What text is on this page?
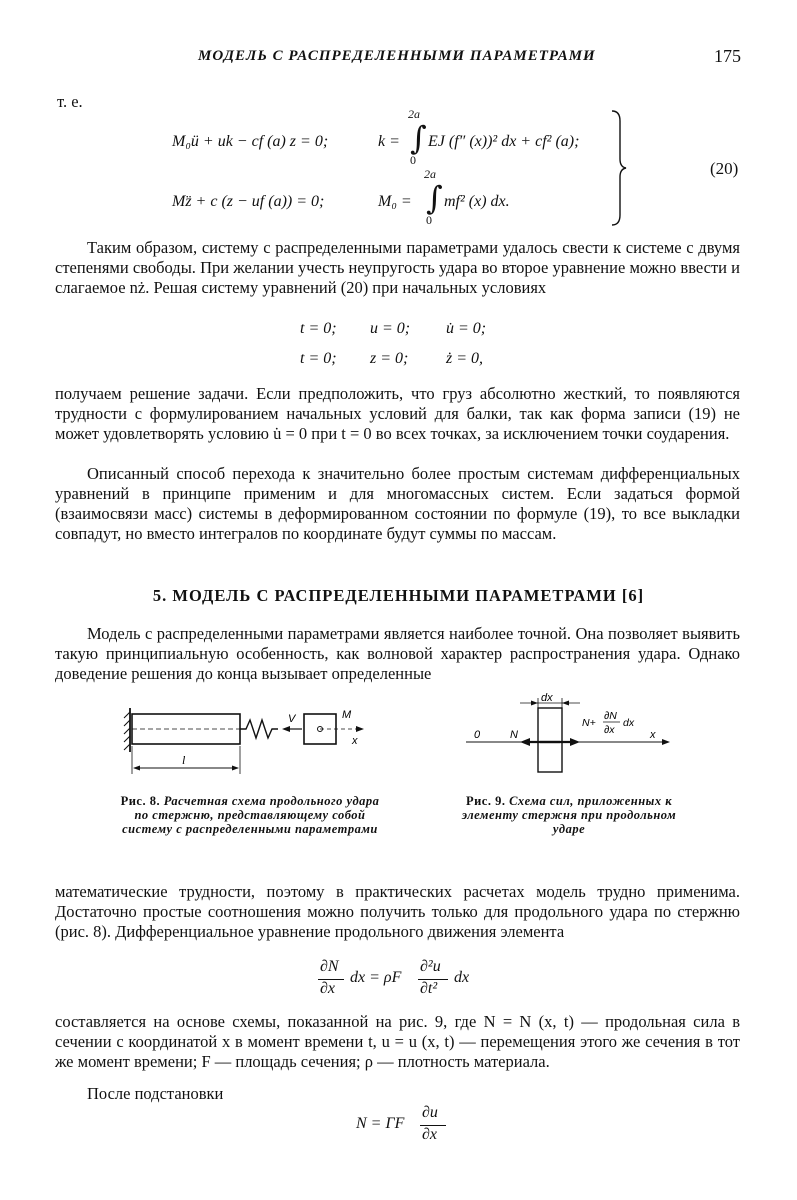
МОДЕЛЬ С РАСПРЕДЕЛЕННЫМИ ПАРАМЕТРАМИ	175
т. е.
M₀ü + uk − cf (a) z = 0;	k =
2a
∫
0
EJ (f″ (x))² dx + cf² (a);
Mz̈ + c (z − uf (a)) = 0;	M₀ =
2a
∫
0
mf² (x) dx.
(20)
Таким образом, систему с распределенными параметрами удалось свести к системе с двумя степенями свободы. При желании учесть неупругость удара во второе уравнение можно ввести и слагаемое nż. Решая систему уравнений (20) при начальных условиях
t = 0; u = 0; u̇ = 0;
t = 0; z = 0; ż = 0,
получаем решение задачи. Если предположить, что груз абсолютно жесткий, то появляются трудности с формулированием начальных условий для балки, так как форма записи (19) не может удовлетворять условию u̇ = 0 при t = 0 во всех точках, за исключением точки соударения.
Описанный способ перехода к значительно более простым системам дифференциальных уравнений в принципе применим и для многомассных систем. Если задаться формой (взаимосвязи масс) системы в деформированном состоянии по формуле (19), то все выкладки совпадут, но вместо интегралов по координате будут суммы по массам.
5. МОДЕЛЬ С РАСПРЕДЕЛЕННЫМИ ПАРАМЕТРАМИ [6]
Модель с распределенными параметрами является наиболее точной. Она позволяет выявить такую принципиальную особенность, как волновой характер распространения удара. Однако доведение решения до конца вызывает определенные
V	M
x
l
Рис. 8. Расчетная схема продольного удара по стержню, представляющему собой систему с распределенными параметрами
dx
0	x
N
N+
∂N
∂x
dx
Рис. 9. Схема сил, приложенных к элементу стержня при продольном ударе
математические трудности, поэтому в практических расчетах модель трудно применима. Достаточно простые соотношения можно получить только для продольного удара по стержню (рис. 8). Дифференциальное уравнение продольного движения элемента
∂N
∂x
dx = ρF
∂²u
∂t²
dx
составляется на основе схемы, показанной на рис. 9, где N = N (x, t) — продольная сила в сечении с координатой x в момент времени t, u = u (x, t) — перемещения этого же сечения в тот же момент времени; F — площадь сечения; ρ — плотность материала.
После подстановки
N = ГF
∂u
∂x
